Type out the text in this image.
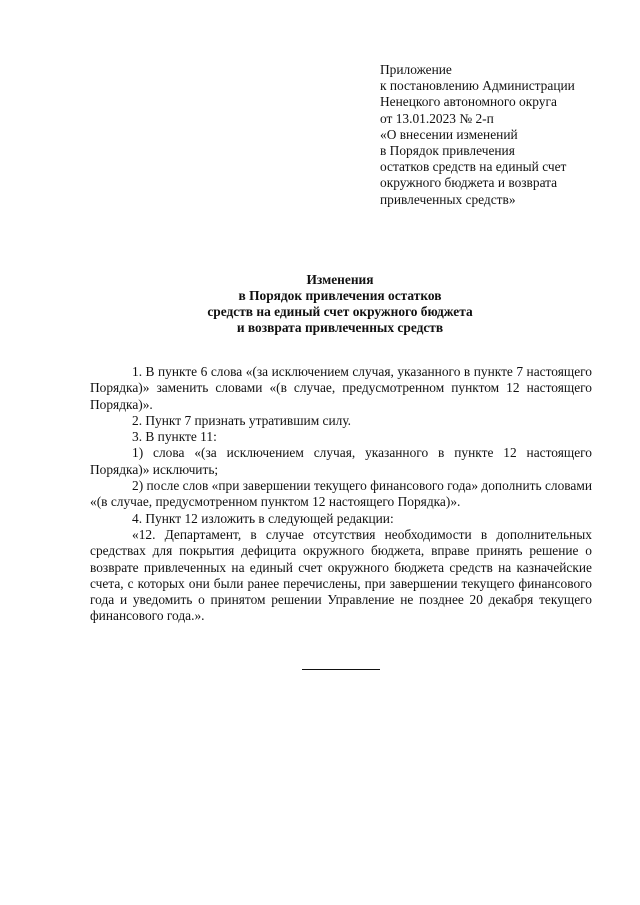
Приложение
к постановлению Администрации
Ненецкого автономного округа
от 13.01.2023 № 2-п
«О внесении изменений
в Порядок привлечения
остатков средств на единый счет
окружного бюджета и возврата
привлеченных средств»
Изменения
в Порядок привлечения остатков
средств на единый счет окружного бюджета
и возврата привлеченных средств

1. В пункте 6 слова «(за исключением случая, указанного в пункте 7 настоящего Порядка)» заменить словами «(в случае, предусмотренном пунктом 12 настоящего Порядка)».

2. Пункт 7 признать утратившим силу.

3. В пункте 11:

1) слова «(за исключением случая, указанного в пункте 12 настоящего Порядка)» исключить;

2) после слов «при завершении текущего финансового года» дополнить словами «(в случае, предусмотренном пунктом 12 настоящего Порядка)».

4. Пункт 12 изложить в следующей редакции:

«12. Департамент, в случае отсутствия необходимости в дополнительных средствах для покрытия дефицита окружного бюджета, вправе принять решение о возврате привлеченных на единый счет окружного бюджета средств на казначейские счета, с которых они были ранее перечислены, при завершении текущего финансового года и уведомить о принятом решении Управление не позднее 20 декабря текущего финансового года.».
